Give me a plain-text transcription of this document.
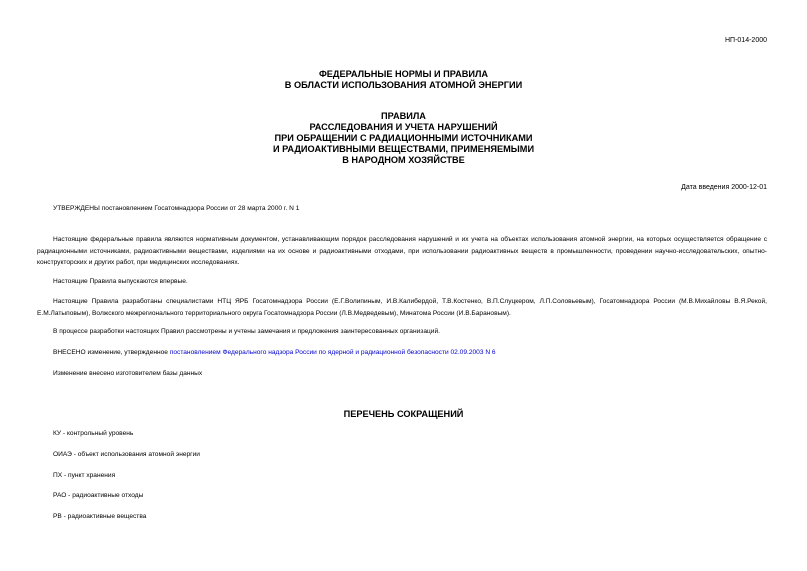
НП-014-2000
ФЕДЕРАЛЬНЫЕ НОРМЫ И ПРАВИЛА
В ОБЛАСТИ ИСПОЛЬЗОВАНИЯ АТОМНОЙ ЭНЕРГИИ
ПРАВИЛА
РАССЛЕДОВАНИЯ И УЧЕТА НАРУШЕНИЙ
ПРИ ОБРАЩЕНИИ С РАДИАЦИОННЫМИ ИСТОЧНИКАМИ
И РАДИОАКТИВНЫМИ ВЕЩЕСТВАМИ, ПРИМЕНЯЕМЫМИ
В НАРОДНОМ ХОЗЯЙСТВЕ
Дата введения 2000-12-01
УТВЕРЖДЕНЫ постановлением Госатомнадзора России от 28 марта 2000 г. N 1
Настоящие федеральные правила являются нормативным документом, устанавливающим порядок расследования нарушений и их учета на объектах использования атомной энергии, на которых осуществляется обращение с радиационными источниками, радиоактивными веществами, изделиями на их основе и радиоактивными отходами, при использовании радиоактивных веществ в промышленности, проведении научно-исследовательских, опытно-конструкторских и других работ, при медицинских исследованиях.
Настоящие Правила выпускаются впервые.
Настоящие Правила разработаны специалистами НТЦ ЯРБ Госатомнадзора России (Е.Г.Волипиным, И.В.Калибердой, Т.В.Костенко, В.П.Слуцкером, Л.П.Соловьевым), Госатомнадзора России (М.В.Михайловы В.Я.Рекой, Е.М.Латыповым), Волжского межрегионального территориального округа Госатомнадзора России (Л.В.Медведевым), Минатома России (И.В.Барановым).
В процессе разработки настоящих Правил рассмотрены и учтены замечания и предложения заинтересованных организаций.
ВНЕСЕНО изменение, утвержденное постановлением Федерального надзора России по ядерной и радиационной безопасности 02.09.2003 N 6
Изменение внесено изготовителем базы данных
ПЕРЕЧЕНЬ СОКРАЩЕНИЙ
КУ - контрольный уровень
ОИАЭ - объект использования атомной энергии
ПХ - пункт хранения
РАО - радиоактивные отходы
РВ - радиоактивные вещества
